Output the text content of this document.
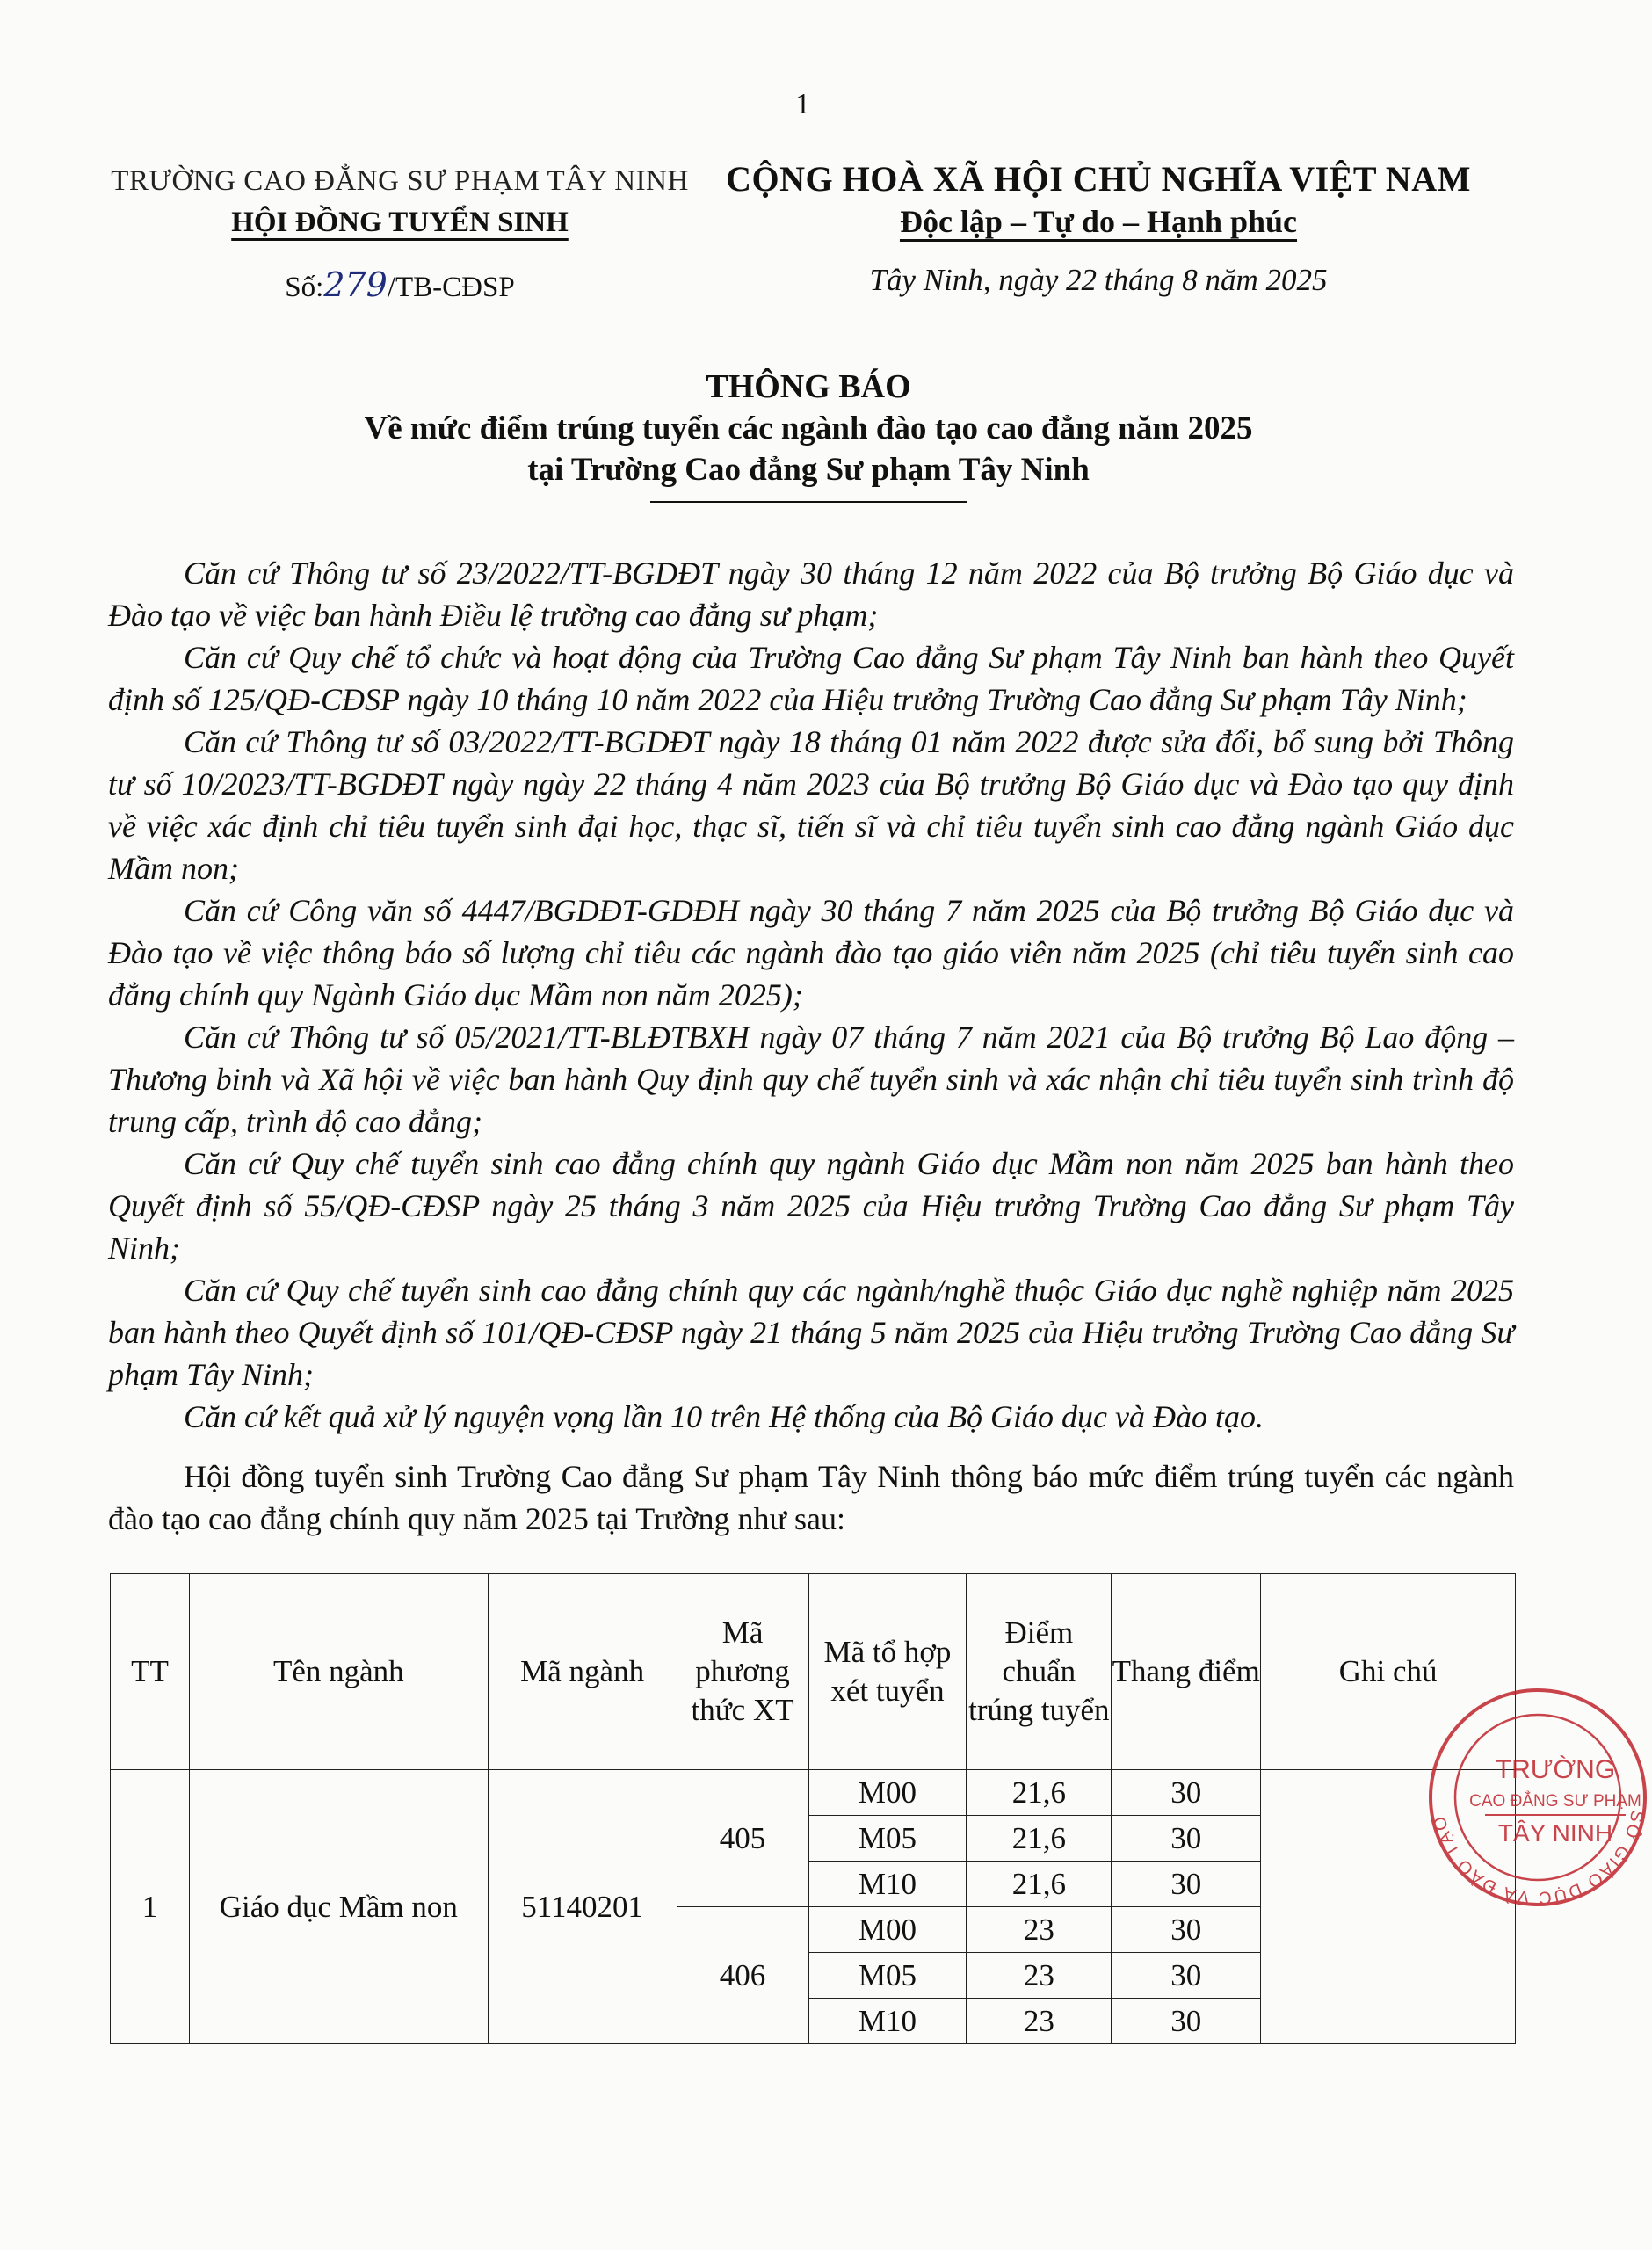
1
TRƯỜNG CAO ĐẲNG SƯ PHẠM TÂY NINH
HỘI ĐỒNG TUYỂN SINH
Số:279/TB-CĐSP
CỘNG HOÀ XÃ HỘI CHỦ NGHĨA VIỆT NAM
Độc lập – Tự do – Hạnh phúc
Tây Ninh, ngày 22 tháng 8 năm 2025
THÔNG BÁO
Về mức điểm trúng tuyển các ngành đào tạo cao đẳng năm 2025
tại Trường Cao đẳng Sư phạm Tây Ninh

Căn cứ Thông tư số 23/2022/TT-BGDĐT ngày 30 tháng 12 năm 2022 của Bộ trưởng Bộ Giáo dục và Đào tạo về việc ban hành Điều lệ trường cao đẳng sư phạm;

Căn cứ Quy chế tổ chức và hoạt động của Trường Cao đẳng Sư phạm Tây Ninh ban hành theo Quyết định số 125/QĐ-CĐSP ngày 10 tháng 10 năm 2022 của Hiệu trưởng Trường Cao đẳng Sư phạm Tây Ninh;

Căn cứ Thông tư số 03/2022/TT-BGDĐT ngày 18 tháng 01 năm 2022 được sửa đổi, bổ sung bởi Thông tư số 10/2023/TT-BGDĐT ngày ngày 22 tháng 4 năm 2023 của Bộ trưởng Bộ Giáo dục và Đào tạo quy định về việc xác định chỉ tiêu tuyển sinh đại học, thạc sĩ, tiến sĩ và chỉ tiêu tuyển sinh cao đẳng ngành Giáo dục Mầm non;

Căn cứ Công văn số 4447/BGDĐT-GDĐH ngày 30 tháng 7 năm 2025 của Bộ trưởng Bộ Giáo dục và Đào tạo về việc thông báo số lượng chỉ tiêu các ngành đào tạo giáo viên năm 2025 (chỉ tiêu tuyển sinh cao đẳng chính quy Ngành Giáo dục Mầm non năm 2025);

Căn cứ Thông tư số 05/2021/TT-BLĐTBXH ngày 07 tháng 7 năm 2021 của Bộ trưởng Bộ Lao động – Thương binh và Xã hội về việc ban hành Quy định quy chế tuyển sinh và xác nhận chỉ tiêu tuyển sinh trình độ trung cấp, trình độ cao đẳng;

Căn cứ Quy chế tuyển sinh cao đẳng chính quy ngành Giáo dục Mầm non năm 2025 ban hành theo Quyết định số 55/QĐ-CĐSP ngày 25 tháng 3 năm 2025 của Hiệu trưởng Trường Cao đẳng Sư phạm Tây Ninh;

Căn cứ Quy chế tuyển sinh cao đẳng chính quy các ngành/nghề thuộc Giáo dục nghề nghiệp năm 2025 ban hành theo Quyết định số 101/QĐ-CĐSP ngày 21 tháng 5 năm 2025 của Hiệu trưởng Trường Cao đẳng Sư phạm Tây Ninh;

Căn cứ kết quả xử lý nguyện vọng lần 10 trên Hệ thống của Bộ Giáo dục và Đào tạo.

Hội đồng tuyển sinh Trường Cao đẳng Sư phạm Tây Ninh thông báo mức điểm trúng tuyển các ngành đào tạo cao đẳng chính quy năm 2025 tại Trường như sau:

TT	Tên ngành	Mã ngành	Mã phương thức XT	Mã tổ hợp xét tuyển	Điểm chuẩn trúng tuyển	Thang điểm	Ghi chú
1	Giáo dục Mầm non	51140201	405	M00	21,6	30	
				M05	21,6	30	
				M10	21,6	30	
			406	M00	23	30	
				M05	23	30	
				M10	23	30	
SỞ GIÁO DỤC VÀ ĐÀO TẠO
TRƯỜNG
CAO ĐẲNG SƯ PHẠM
TÂY NINH
